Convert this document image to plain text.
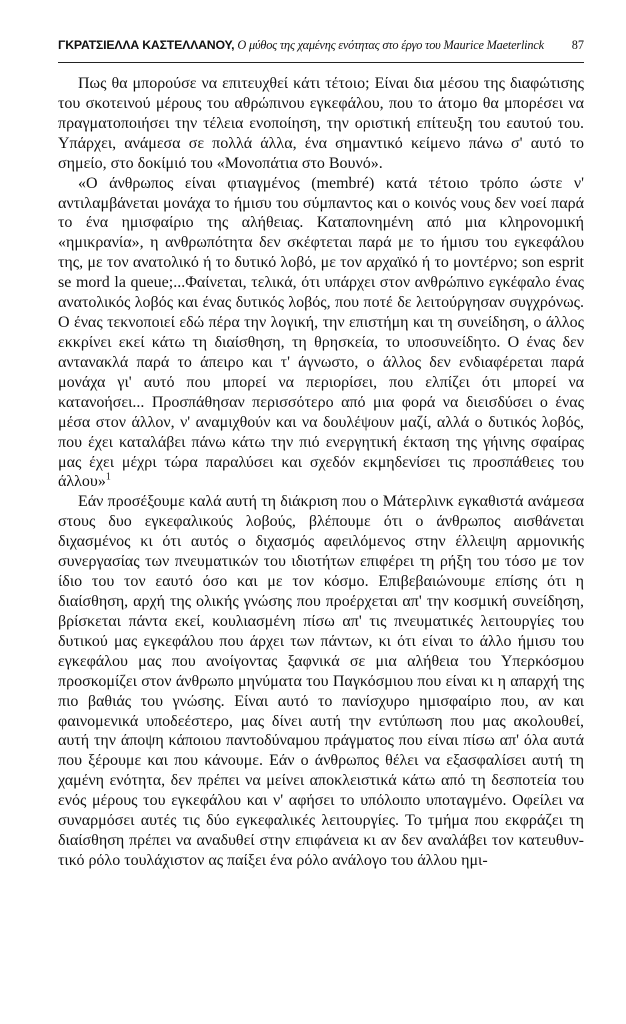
ΓΚΡΑΤΣΙΕΛΛΑ ΚΑΣΤΕΛΛΑΝΟΥ, Ο μύθος της χαμένης ενότητας στο έργο του Maurice Maeterlinck 87

Πως θα μπορούσε να επιτευχθεί κάτι τέτοιο; Είναι δια μέσου της διαφώτισης του σκοτεινού μέρους του αθρώπινου εγκεφάλου, που το άτομο θα μπορέσει να πραγματοποιήσει την τέλεια ενοποίηση, την οριστική επίτευξη του εαυτού του. Υπάρχει, ανάμεσα σε πολλά άλλα, ένα σημαντικό κείμενο πάνω σ' αυτό το σημείο, στο δοκίμιό του «Μονοπάτια στο Βουνό».

«Ο άνθρωπος είναι φτιαγμένος (membré) κατά τέτοιο τρόπο ώστε ν' αντιλαμβάνεται μονάχα το ήμισυ του σύμπαντος και ο κοινός νους δεν νοεί παρά το ένα ημισφαίριο της αλήθειας. Καταπονημένη από μια κληρονομική «ημικρανία», η ανθρωπότητα δεν σκέφτεται παρά με το ήμισυ του εγκεφάλου της, με τον ανατολικό ή το δυτικό λοβό, με τον αρχαϊκό ή το μοντέρνο; son esprit se mord la queue;...Φαίνεται, τελικά, ότι υπάρχει στον ανθρώπινο εγκέφαλο ένας ανατολικός λοβός και ένας δυτικός λοβός, που ποτέ δε λειτούργησαν συγχρόνως. Ο ένας τεκνοποιεί εδώ πέρα την λογική, την επιστήμη και τη συνείδηση, ο άλλος εκκρίνει εκεί κάτω τη διαίσθηση, τη θρησκεία, το υποσυνείδητο. Ο ένας δεν αντανακλά παρά το άπειρο και τ' άγνωστο, ο άλλος δεν ενδιαφέρεται παρά μονάχα γι' αυτό που μπορεί να περιορίσει, που ελπίζει ότι μπορεί να κατανοήσει... Προσπάθησαν περισσότερο από μια φορά να διεισδύσει ο ένας μέσα στον άλλον, ν' αναμιχθούν και να δουλέψουν μαζί, αλλά ο δυτικός λοβός, που έχει καταλάβει πάνω κάτω την πιό ενεργητική έκταση της γήινης σφαίρας μας έχει μέχρι τώρα παραλύσει και σχεδόν εκμηδενίσει τις προσπάθειες του άλλου»$^1$

Εάν προσέξουμε καλά αυτή τη διάκριση που ο Μάτερλινκ εγκαθιστά ανάμεσα στους δυο εγκεφαλικούς λοβούς, βλέπουμε ότι ο άνθρωπος αισθάνεται διχασμένος κι ότι αυτός ο διχασμός αφειλόμενος στην έλλειψη αρμονικής συνεργασίας των πνευματικών του ιδιοτήτων επιφέρει τη ρήξη του τόσο με τον ίδιο του τον εαυτό όσο και με τον κόσμο. Επιβεβαιώνουμε επίσης ότι η διαίσθηση, αρχή της ολικής γνώσης που προέρχεται απ' την κοσμική συνείδηση, βρίσκεται πάντα εκεί, κουλιασμένη πίσω απ' τις πνευματικές λειτουργίες του δυτικού μας εγκεφάλου που άρχει των πάντων, κι ότι είναι το άλλο ήμισυ του εγκεφάλου μας που ανοίγοντας ξαφνικά σε μια αλήθεια του Υπερκόσμου προσκομίζει στον άνθρωπο μηνύματα του Παγκόσμιου που είναι κι η απαρχή της πιο βαθιάς του γνώσης. Είναι αυτό το πανίσχυρο ημισφαίριο που, αν και φαινομενικά υποδεέστερο, μας δίνει αυτή την εντύπωση που μας ακολουθεί, αυτή την άποψη κάποιου παντοδύναμου πράγματος που είναι πίσω απ' όλα αυτά που ξέρουμε και που κάνουμε. Εάν ο άνθρωπος θέλει να εξασφαλίσει αυτή τη χαμένη ενότητα, δεν πρέπει να μείνει αποκλειστικά κάτω από τη δεσποτεία του ενός μέρους του εγκεφάλου και ν' αφήσει το υπόλοιπο υποταγμένο. Οφείλει να συναρμόσει αυτές τις δύο εγκεφαλικές λειτουργίες. Το τμήμα που εκφράζει τη διαίσθηση πρέπει να αναδυθεί στην επιφάνεια κι αν δεν αναλάβει τον κατευθυντικό ρόλο τουλάχιστον ας παίξει ένα ρόλο ανάλογο του άλλου ημι-
